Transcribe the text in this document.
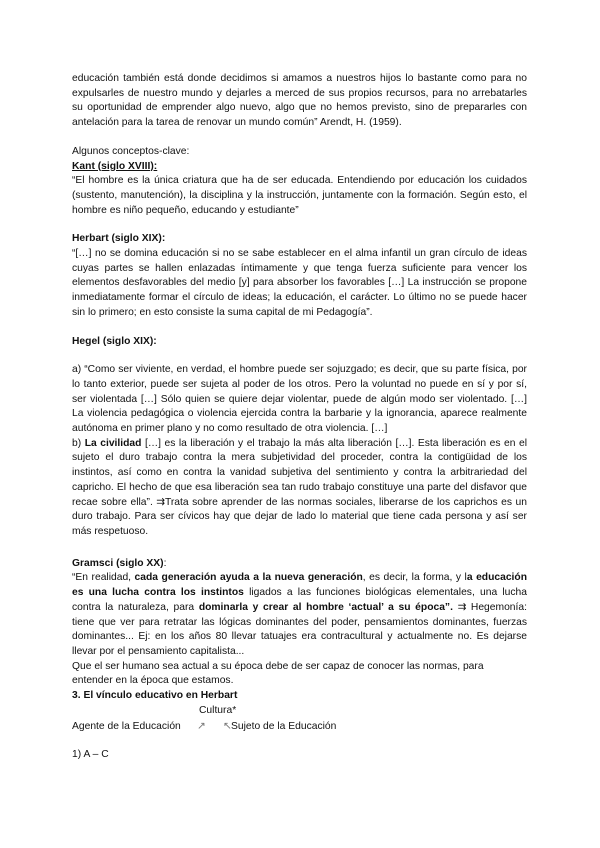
educación también está donde decidimos si amamos a nuestros hijos lo bastante como para no expulsarles de nuestro mundo y dejarles a merced de sus propios recursos, para no arrebatarles su oportunidad de emprender algo nuevo, algo que no hemos previsto, sino de prepararles con antelación para la tarea de renovar un mundo común” Arendt, H. (1959).

Algunos conceptos-clave:

Kant (siglo XVIII):

“El hombre es la única criatura que ha de ser educada. Entendiendo por educación los cuidados (sustento, manutención), la disciplina y la instrucción, juntamente con la formación. Según esto, el hombre es niño pequeño, educando y estudiante”

Herbart (siglo XIX):

“[…] no se domina educación si no se sabe establecer en el alma infantil un gran círculo de ideas cuyas partes se hallen enlazadas íntimamente y que tenga fuerza suficiente para vencer los elementos desfavorables del medio [y] para absorber los favorables […] La instrucción se propone inmediatamente formar el círculo de ideas; la educación, el carácter. Lo último no se puede hacer sin lo primero; en esto consiste la suma capital de mi Pedagogía”.

Hegel (siglo XIX):

a) “Como ser viviente, en verdad, el hombre puede ser sojuzgado; es decir, que su parte física, por lo tanto exterior, puede ser sujeta al poder de los otros. Pero la voluntad no puede en sí y por sí, ser violentada […] Sólo quien se quiere dejar violentar, puede de algún modo ser violentado. […] La violencia pedagógica o violencia ejercida contra la barbarie y la ignorancia, aparece realmente autónoma en primer plano y no como resultado de otra violencia. […]

b) La civilidad […] es la liberación y el trabajo la más alta liberación […]. Esta liberación es en el sujeto el duro trabajo contra la mera subjetividad del proceder, contra la contigüidad de los instintos, así como en contra la vanidad subjetiva del sentimiento y contra la arbitrariedad del capricho. El hecho de que esa liberación sea tan rudo trabajo constituye una parte del disfavor que recae sobre ella”. ⇉Trata sobre aprender de las normas sociales, liberarse de los caprichos es un duro trabajo. Para ser cívicos hay que dejar de lado lo material que tiene cada persona y así ser más respetuoso.

Gramsci (siglo XX):

“En realidad, cada generación ayuda a la nueva generación, es decir, la forma, y la educación es una lucha contra los instintos ligados a las funciones biológicas elementales, una lucha contra la naturaleza, para dominarla y crear al hombre ‘actual’ a su época”. ⇉ Hegemonía: tiene que ver para retratar las lógicas dominantes del poder, pensamientos dominantes, fuerzas dominantes... Ej: en los años 80 llevar tatuajes era contracultural y actualmente no. Es dejarse llevar por el pensamiento capitalista...

Que el ser humano sea actual a su época debe de ser capaz de conocer las normas, para entender en la época que estamos.

3. El vínculo educativo en Herbart

Cultura*
Agente de la Educación ↗ ↖ Sujeto de la Educación

1) A – C
